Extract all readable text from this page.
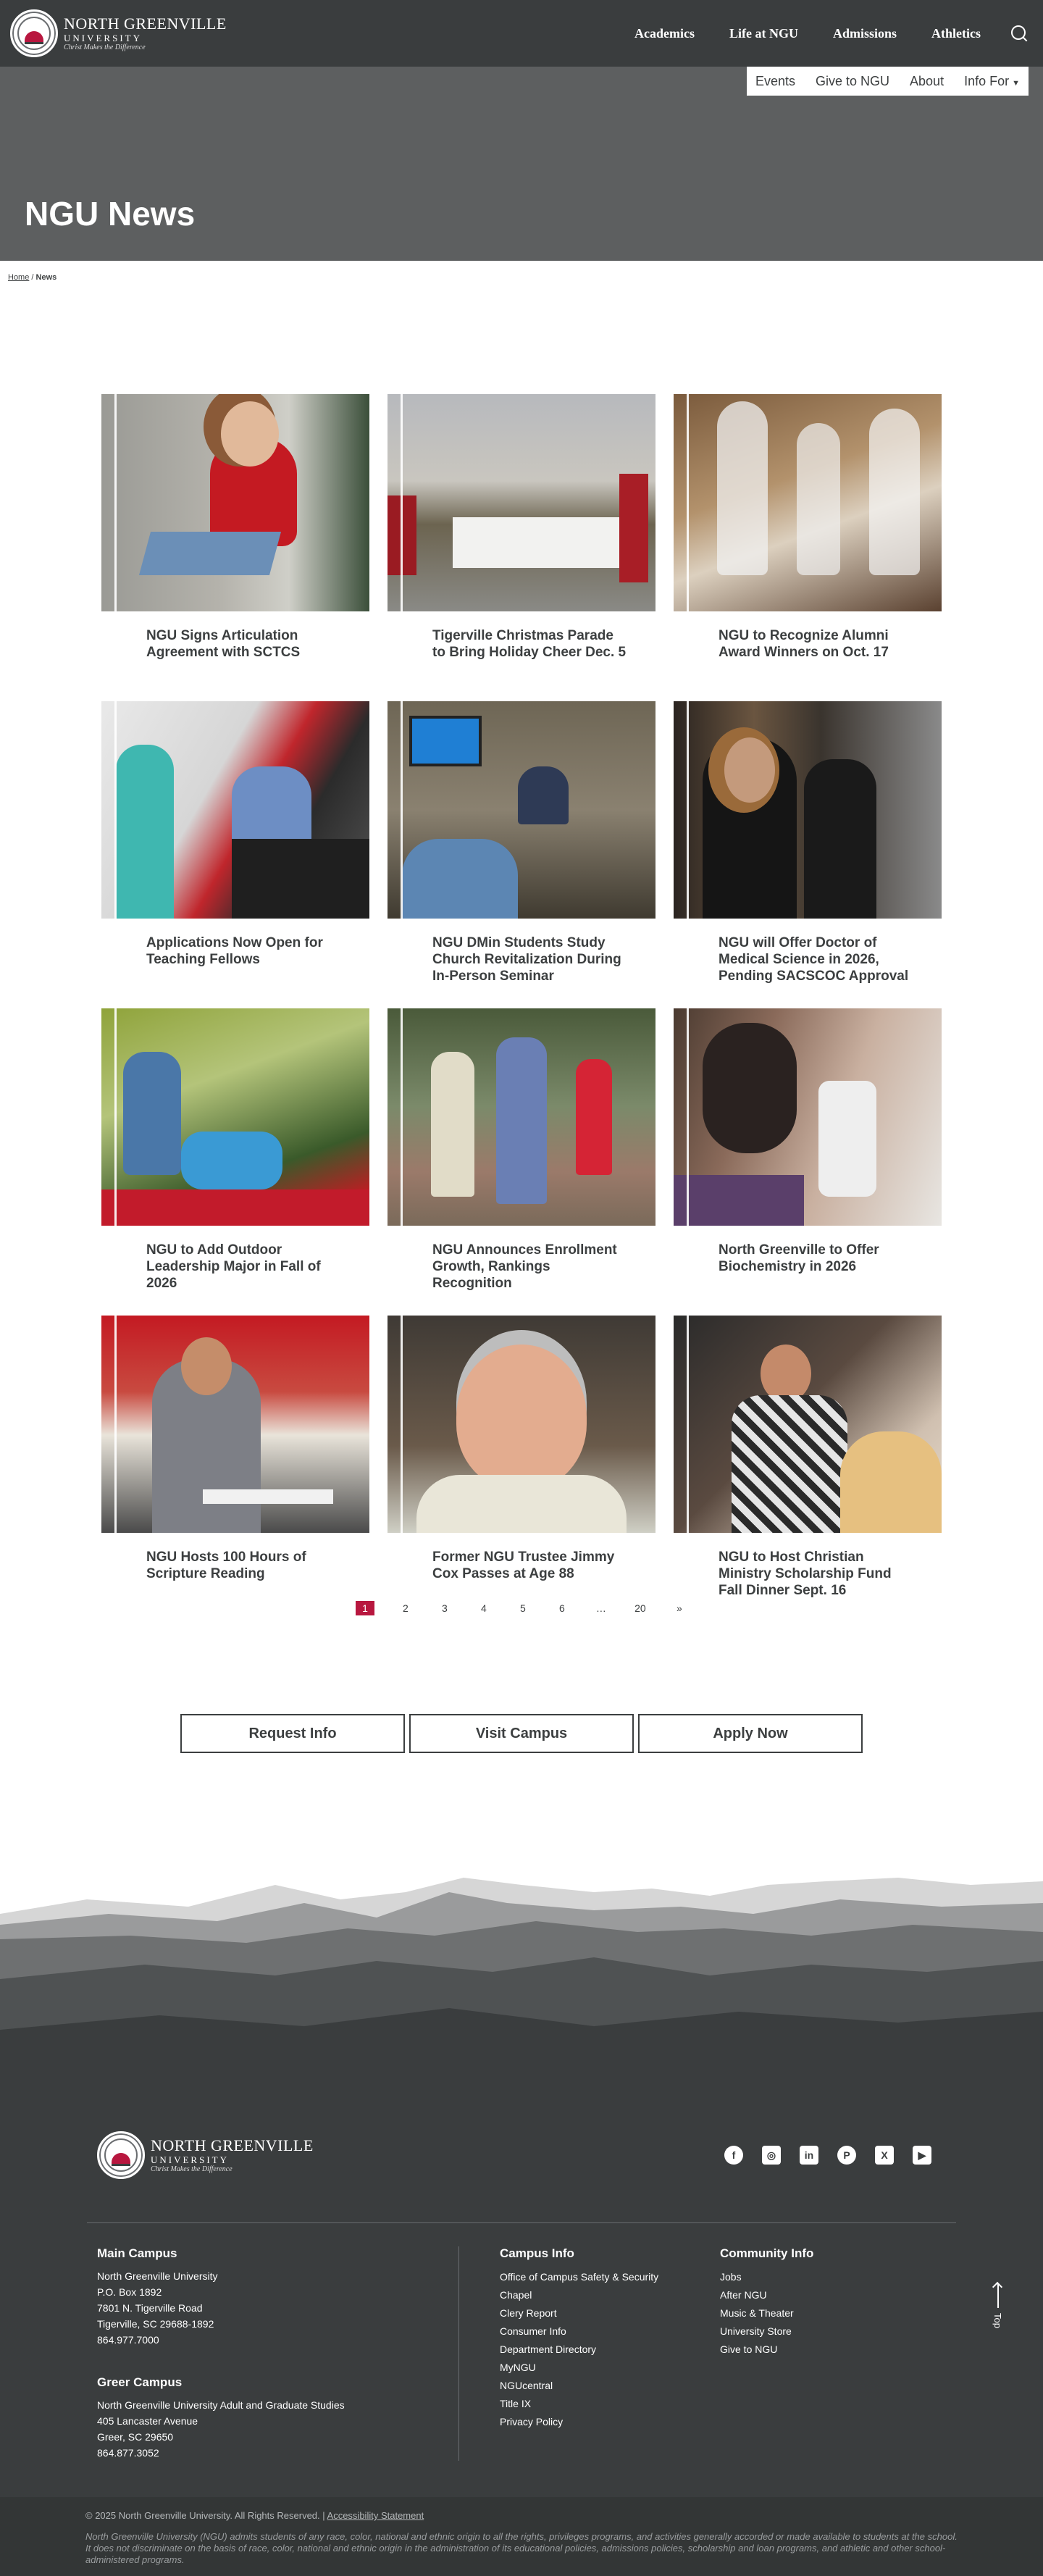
NORTH GREENVILLE
UNIVERSITY
Christ Makes the Difference
Academics	Life at NGU	Admissions	Athletics
Events Give to NGU About Info For ▼
NGU News
Home / News
NGU Signs Articulation Agreement with SCTCS
Tigerville Christmas Parade to Bring Holiday Cheer Dec. 5
NGU to Recognize Alumni Award Winners on Oct. 17
Applications Now Open for Teaching Fellows
NGU DMin Students Study Church Revitalization During In-Person Seminar
NGU will Offer Doctor of Medical Science in 2026, Pending SACSCOC Approval
NGU to Add Outdoor Leadership Major in Fall of 2026
NGU Announces Enrollment Growth, Rankings Recognition
North Greenville to Offer Biochemistry in 2026
NGU Hosts 100 Hours of Scripture Reading
Former NGU Trustee Jimmy Cox Passes at Age 88
NGU to Host Christian Ministry Scholarship Fund Fall Dinner Sept. 16
1	2	3	4	5	6	…	20	»
Request Info	Visit Campus	Apply Now
NORTH GREENVILLE
UNIVERSITY
Christ Makes the Difference
f	◎	in	P	X	▶
Main Campus
North Greenville University
P.O. Box 1892
7801 N. Tigerville Road
Tigerville, SC 29688-1892
864.977.7000
Greer Campus
North Greenville University Adult and Graduate Studies
405 Lancaster Avenue
Greer, SC 29650
864.877.3052
Campus Info
Office of Campus Safety & Security
Chapel
Clery Report
Consumer Info
Department Directory
MyNGU
NGUcentral
Title IX
Privacy Policy
Community Info
Jobs
After NGU
Music & Theater
University Store
Give to NGU
Top
© 2025 North Greenville University. All Rights Reserved. | Accessibility Statement

North Greenville University (NGU) admits students of any race, color, national and ethnic origin to all the rights, privileges programs, and activities generally accorded or made available to students at the school. It does not discriminate on the basis of race, color, national and ethnic origin in the administration of its educational policies, admissions policies, scholarship and loan programs, and athletic and other school-administered programs.
